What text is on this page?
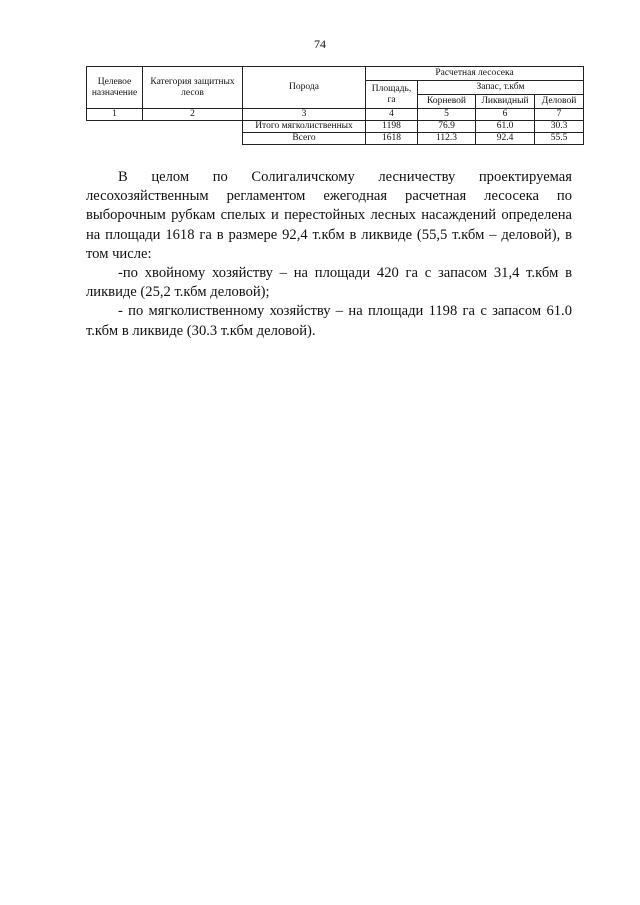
74
Целевое назначение	Категория защитных лесов	Порода	Расчетная лесосека			
			Площадь, га	Запас, т.кбм		
				Корневой	Ликвидный	Деловой
1	2	3	4	5	6	7
		Итого мягколиственных	1198	76.9	61.0	30.3
		Всего	1618	112.3	92.4	55.5

В целом по Солигаличскому лесничеству проектируемая лесохозяйственным регламентом ежегодная расчетная лесосека по выборочным рубкам спелых и перестойных лесных насаждений определена на площади 1618 га в размере 92,4 т.кбм в ликвиде (55,5 т.кбм – деловой), в том числе:

-по хвойному хозяйству – на площади 420 га с запасом 31,4 т.кбм в ликвиде (25,2 т.кбм деловой);

- по мягколиственному хозяйству – на площади 1198 га с запасом 61.0 т.кбм в ликвиде (30.3 т.кбм деловой).
